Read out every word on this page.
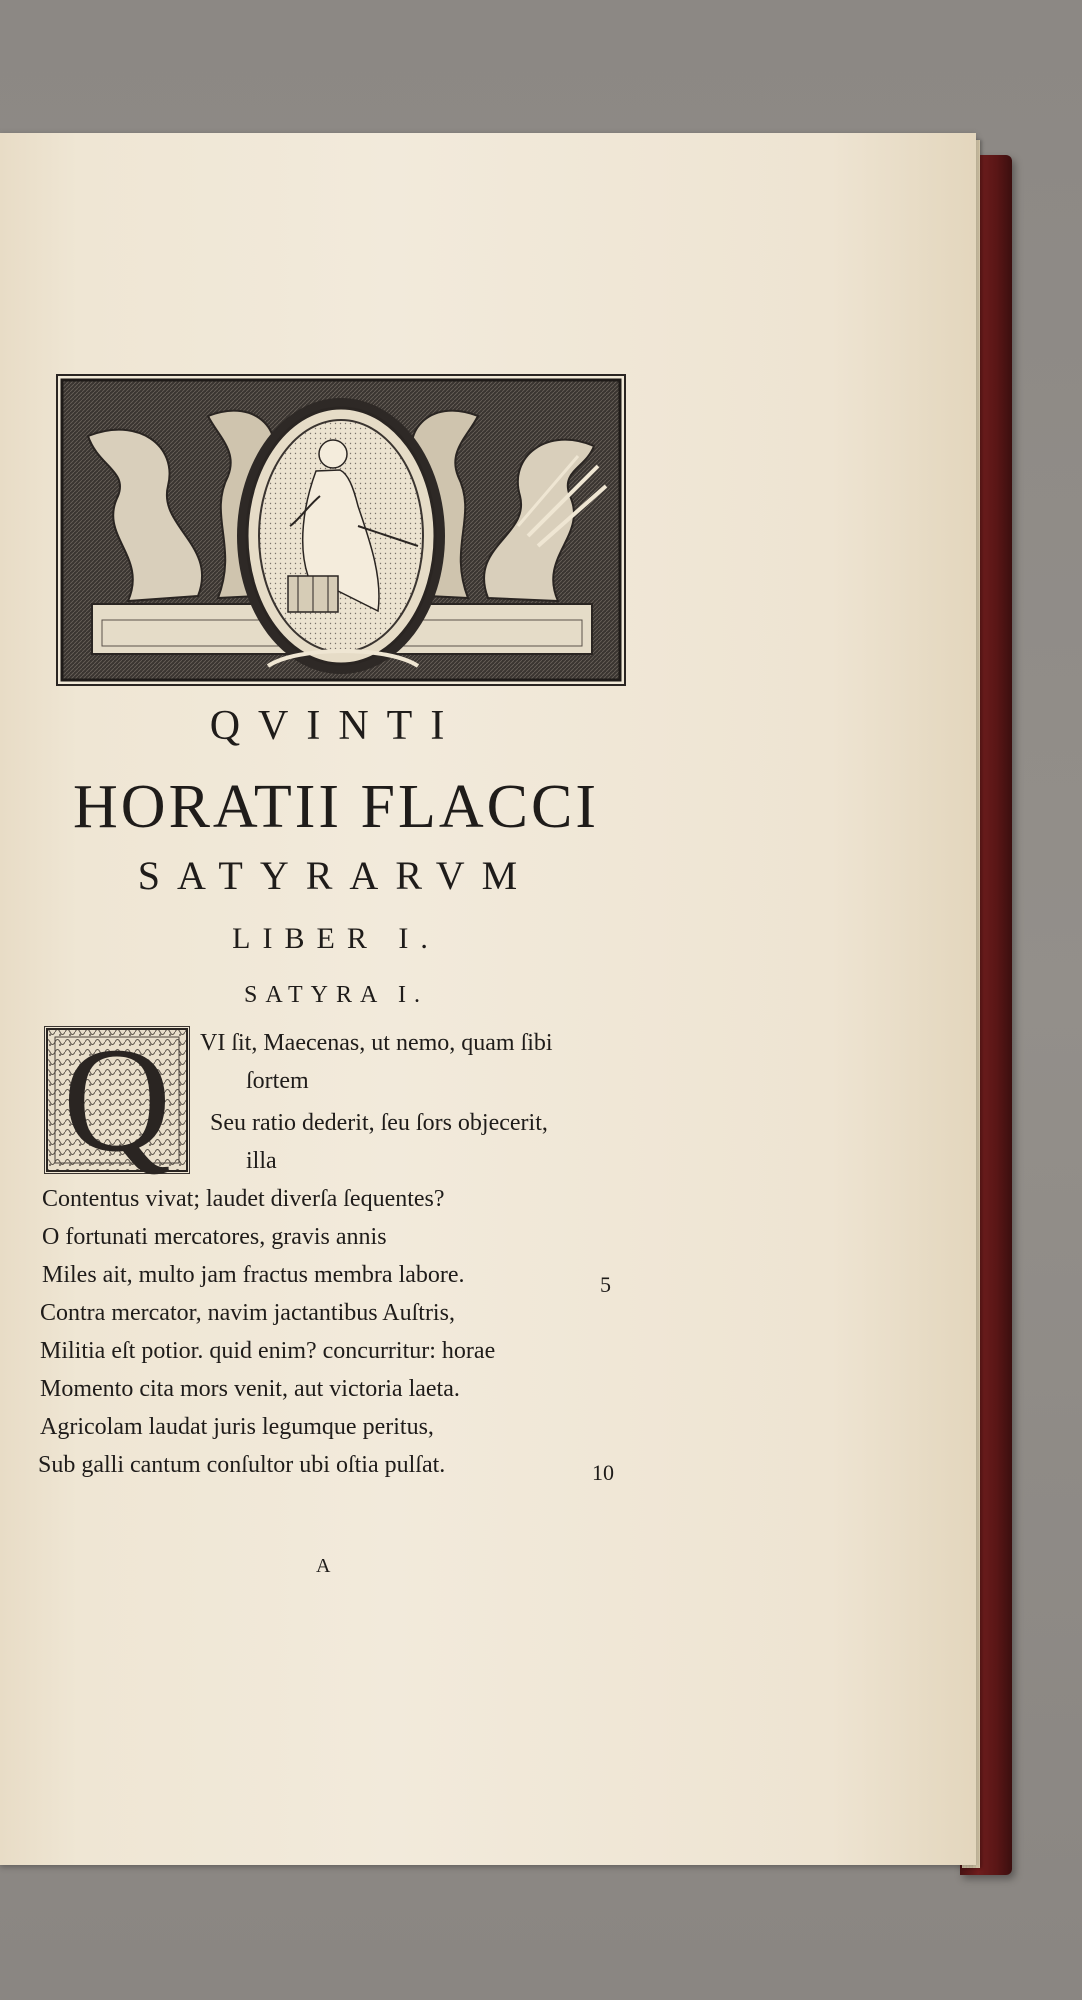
QVINTI
HORATII FLACCI
SATYRARVM
LIBER I.
SATYRA I.
Q	VI ſit, Maecenas, ut nemo, quam ſibi

ſortem

Seu ratio dederit, ſeu ſors objecerit,

illa

Contentus vivat; laudet diverſa ſequentes?

O fortunati mercatores, gravis annis

Miles ait, multo jam fractus membra labore.

Contra mercator, navim jactantibus Auſtris,

Militia eſt potior. quid enim? concurritur: horae

Momento cita mors venit, aut victoria laeta.

Agricolam laudat juris legumque peritus,

Sub galli cantum conſultor ubi oſtia pulſat.

5

10

A
